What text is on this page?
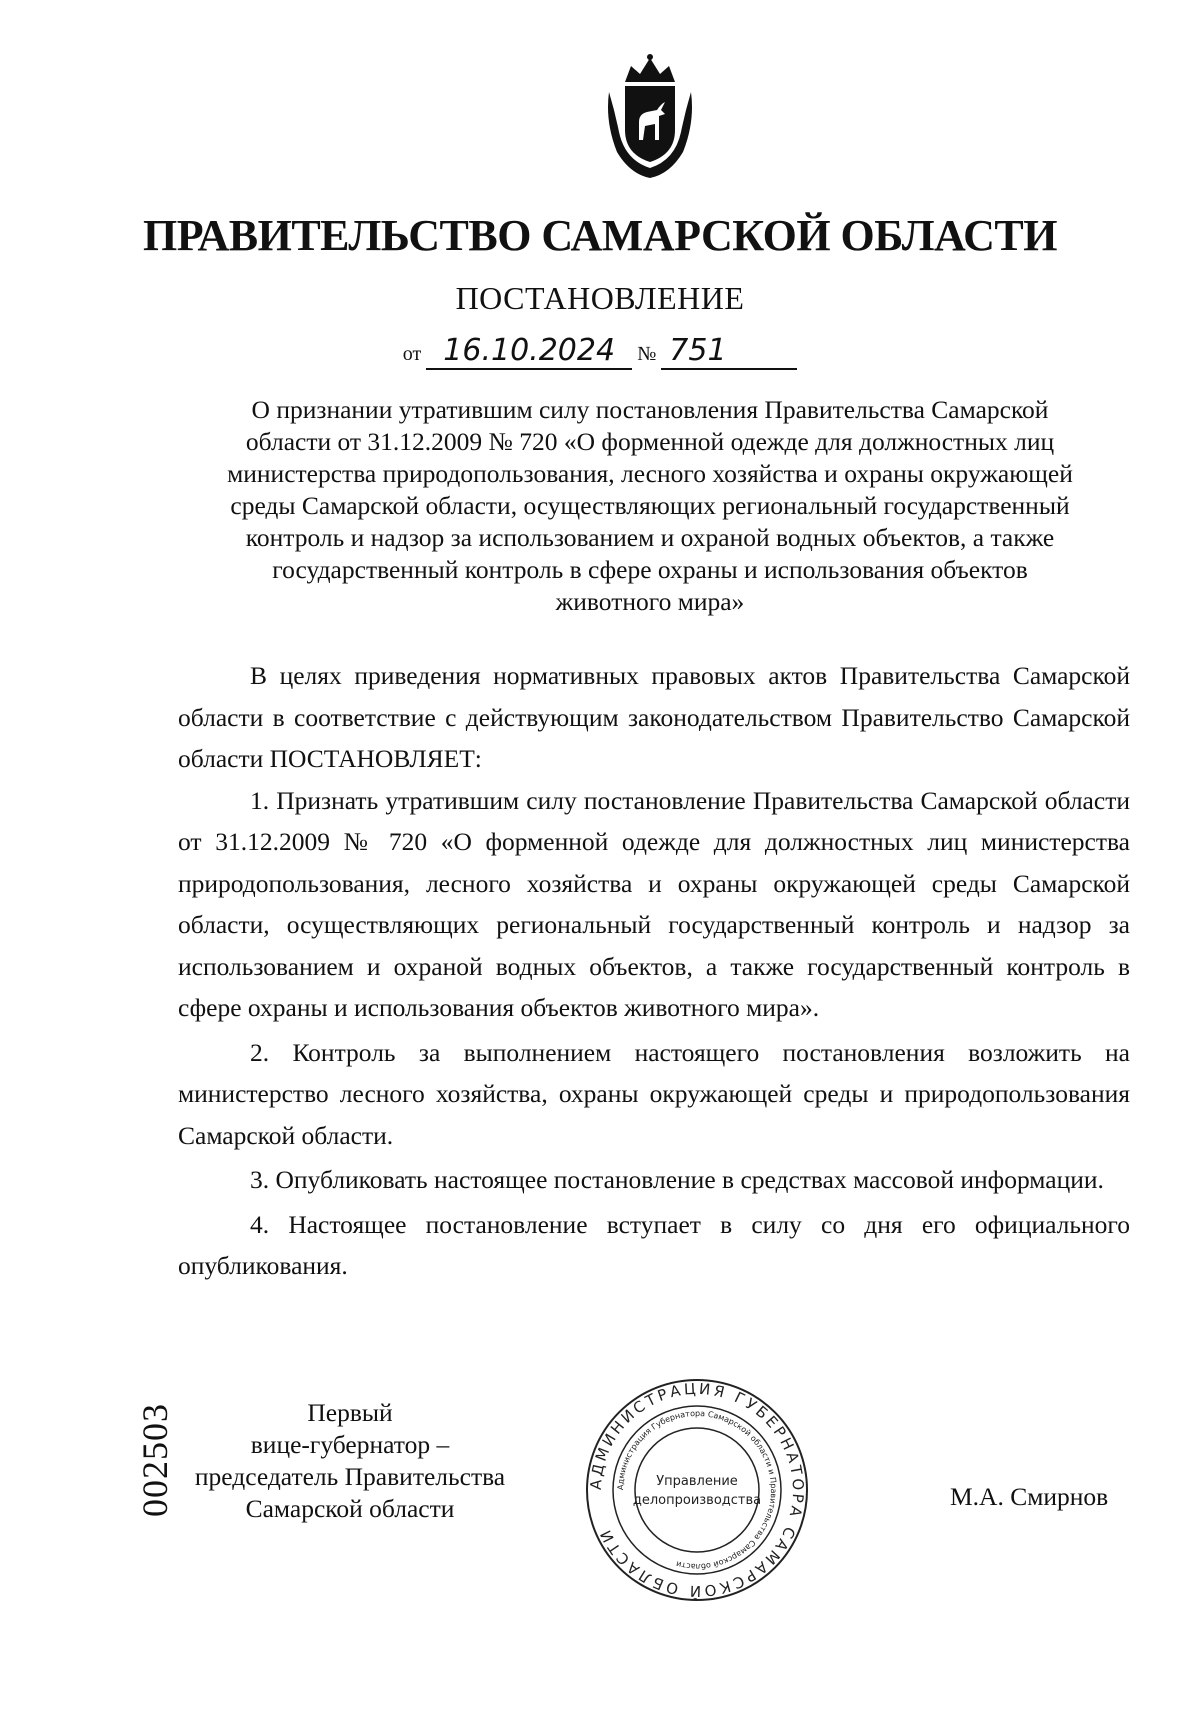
ПРАВИТЕЛЬСТВО САМАРСКОЙ ОБЛАСТИ
ПОСТАНОВЛЕНИЕ
от 16.10.2024 № 751
О признании утратившим силу постановления Правительства Самарской
области от 31.12.2009 № 720 «О форменной одежде для должностных лиц
министерства природопользования, лесного хозяйства и охраны окружающей
среды Самарской области, осуществляющих региональный государственный
контроль и надзор за использованием и охраной водных объектов, а также
государственный контроль в сфере охраны и использования объектов
животного мира»

В целях приведения нормативных правовых актов Правительства Самарской области в соответствие с действующим законодательством Правительство Самарской области ПОСТАНОВЛЯЕТ:

1. Признать утратившим силу постановление Правительства Самарской области от 31.12.2009 № 720 «О форменной одежде для должностных лиц министерства природопользования, лесного хозяйства и охраны окружающей среды Самарской области, осуществляющих региональный государственный контроль и надзор за использованием и охраной водных объектов, а также государственный контроль в сфере охраны и использования объектов животного мира».

2. Контроль за выполнением настоящего постановления возложить на министерство лесного хозяйства, охраны окружающей среды и природопользования Самарской области.

3. Опубликовать настоящее постановление в средствах массовой информации.

4. Настоящее постановление вступает в силу со дня его официального опубликования.

Первый
вице-губернатор –
председатель Правительства
Самарской области
АДМИНИСТРАЦИЯ ГУБЕРНАТОРА САМАРСКОЙ ОБЛАСТИ
Администрация Губернатора Самарской области и Правительства Самарской области
Управление
делопроизводства	М.А. Смирнов
002503
